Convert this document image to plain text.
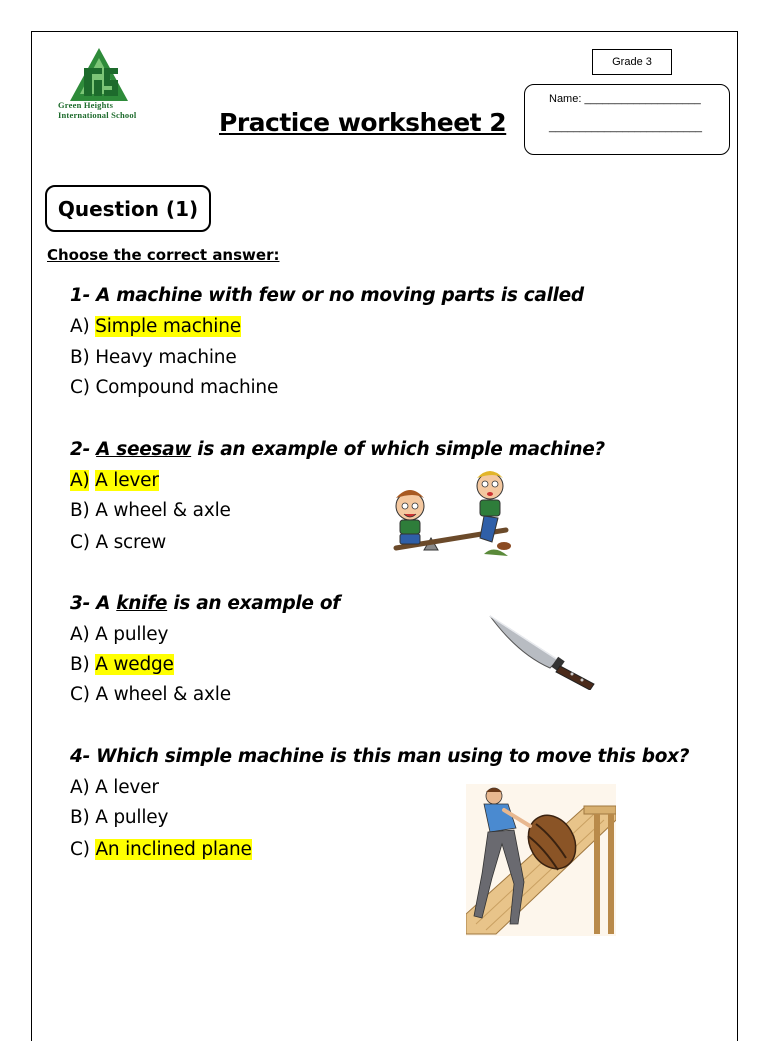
Green Heights
International School
Grade 3
Name: ___________________
_________________________
Practice worksheet 2
Question (1)
Choose the correct answer:
1- A machine with few or no moving parts is called
A) Simple machine
B) Heavy machine
C) Compound machine
2- A seesaw is an example of which simple machine?
A) A lever
B) A wheel & axle
C) A screw
3- A knife is an example of
A) A pulley
B) A wedge
C) A wheel & axle
4- Which simple machine is this man using to move this box?
A) A lever
B) A pulley
C) An inclined plane
